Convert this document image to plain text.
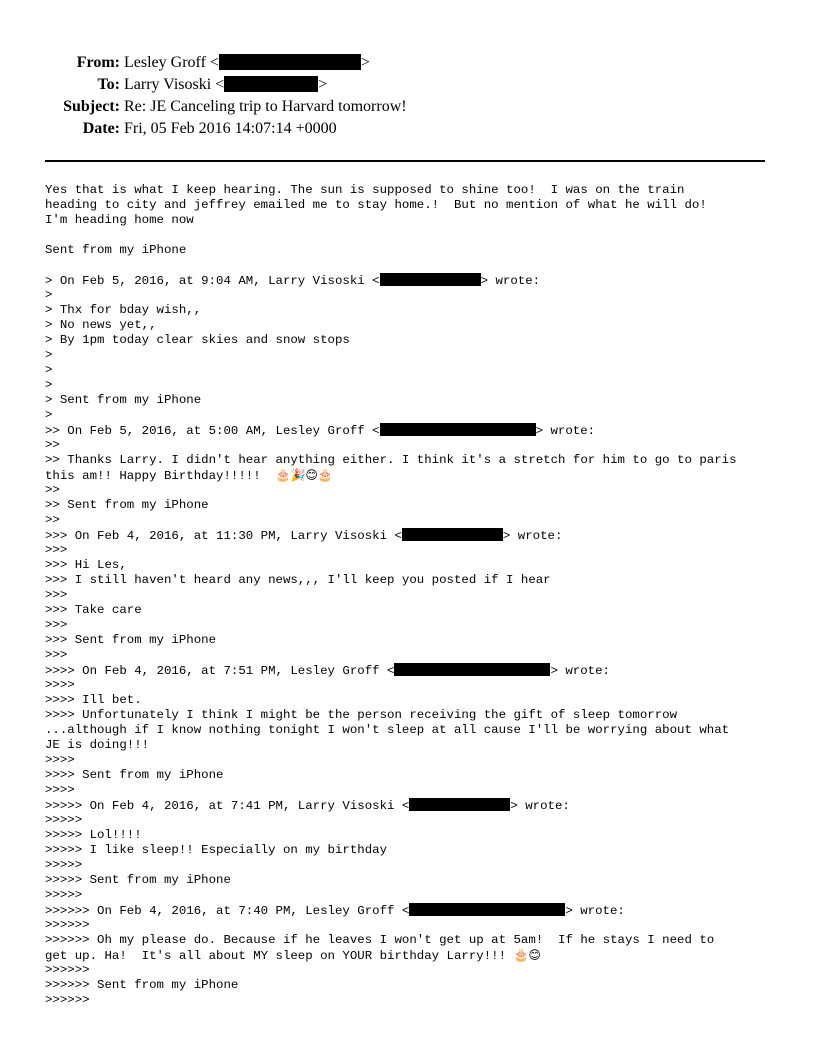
From: Lesley Groff <	>
To: Larry Visoski <	>
Subject: Re: JE Canceling trip to Harvard tomorrow!
Date: Fri, 05 Feb 2016 14:07:14 +0000
Yes that is what I keep hearing. The sun is supposed to shine too!  I was on the train
heading to city and jeffrey emailed me to stay home.!  But no mention of what he will do!
I'm heading home now
Sent from my iPhone
> On Feb 5, 2016, at 9:04 AM, Larry Visoski <	> wrote:
>
> Thx for bday wish,,
> No news yet,,
> By 1pm today clear skies and snow stops
>
>
>
> Sent from my iPhone
>
>> On Feb 5, 2016, at 5:00 AM, Lesley Groff <	> wrote:
>>
>> Thanks Larry. I didn't hear anything either. I think it's a stretch for him to go to paris
this am!! Happy Birthday!!!!!  🎂🎉😊🎂
>>
>> Sent from my iPhone
>>
>>> On Feb 4, 2016, at 11:30 PM, Larry Visoski <	> wrote:
>>>
>>> Hi Les,
>>> I still haven't heard any news,,, I'll keep you posted if I hear
>>>
>>> Take care
>>>
>>> Sent from my iPhone
>>>
>>>> On Feb 4, 2016, at 7:51 PM, Lesley Groff <	> wrote:
>>>>
>>>> Ill bet.
>>>> Unfortunately I think I might be the person receiving the gift of sleep tomorrow
...although if I know nothing tonight I won't sleep at all cause I'll be worrying about what
JE is doing!!!
>>>>
>>>> Sent from my iPhone
>>>>
>>>>> On Feb 4, 2016, at 7:41 PM, Larry Visoski <	> wrote:
>>>>>
>>>>> Lol!!!!
>>>>> I like sleep!! Especially on my birthday
>>>>>
>>>>> Sent from my iPhone
>>>>>
>>>>>> On Feb 4, 2016, at 7:40 PM, Lesley Groff <	> wrote:
>>>>>>
>>>>>> Oh my please do. Because if he leaves I won't get up at 5am!  If he stays I need to
get up. Ha!  It's all about MY sleep on YOUR birthday Larry!!! 🎂😊
>>>>>>
>>>>>> Sent from my iPhone
>>>>>>
